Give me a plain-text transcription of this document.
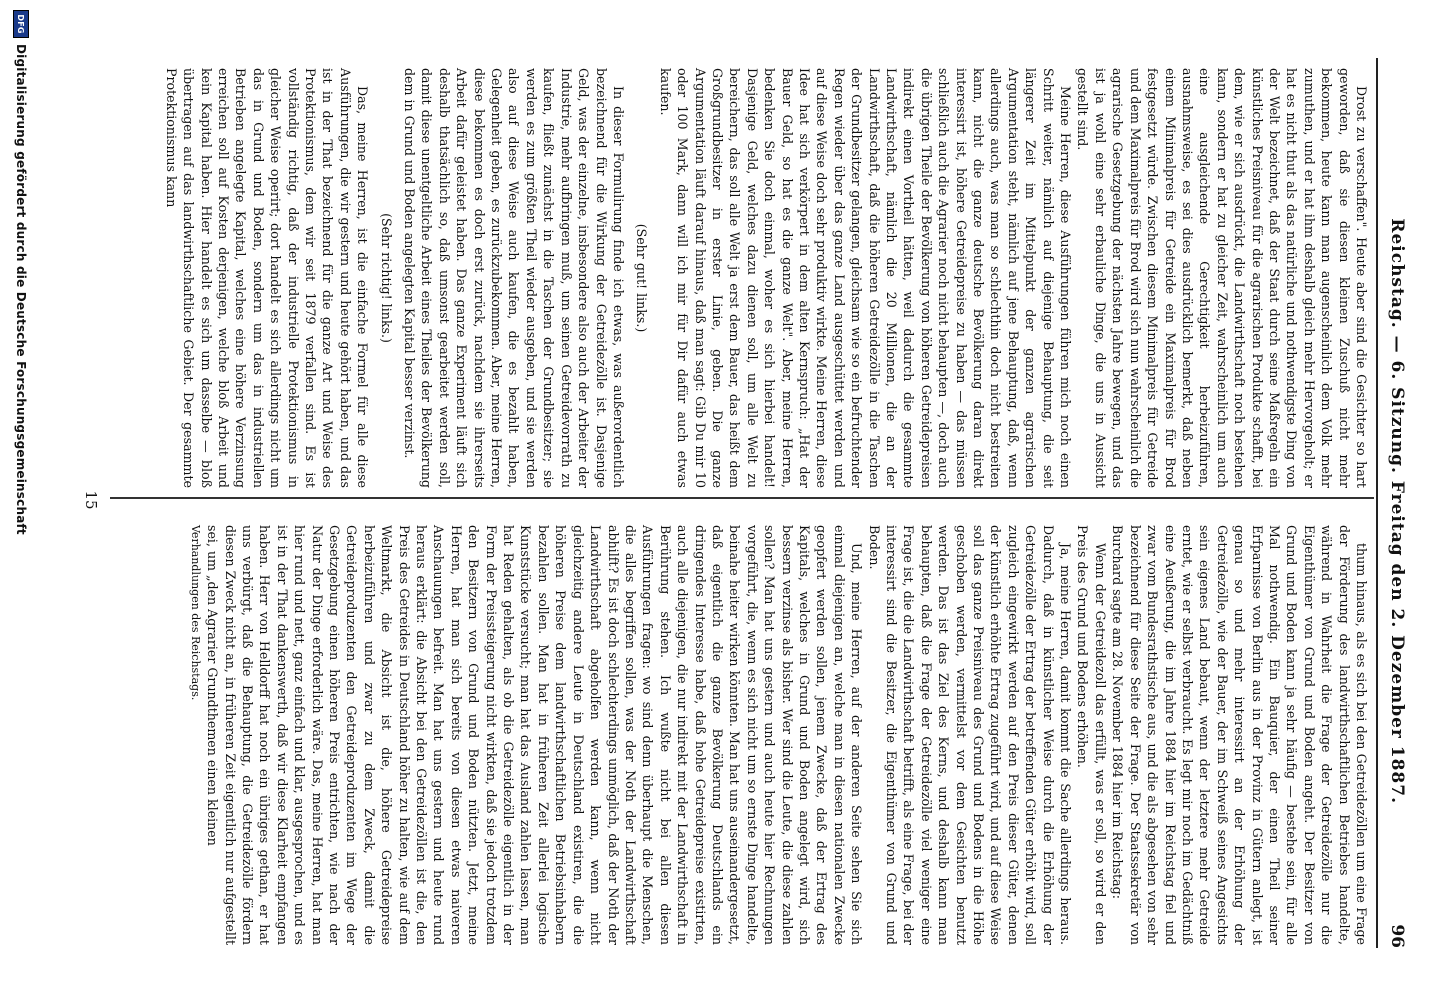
Reichstag. — 6. Sitzung. Freitag den 2. Dezember 1887.
96

Drost zu verschaffen". Heute aber sind die Gesichter so hart geworden, daß sie diesen kleinen Zuschuß nicht mehr bekommen, heute kann man augenscheinlich dem Volk mehr zumuthen, und er hat ihm deshalb gleich mehr Hervorgeholt; er hat es nicht thut als das natürliche und nothwendigste Ding von der Welt bezeichnet, daß der Staat durch seine Maßregeln ein künstliches Preisniveau für die agrarischen Produkte schafft, bei dem, wie er sich ausdrückt, die Landwirthschaft noch bestehen kann, sondern er hat zu gleicher Zeit, wahrscheinlich um auch eine ausgleichende Gerechtigkeit herbeizuführen, ausnahmsweise, es sei dies ausdrücklich bemerkt, daß neben einem Minimalpreis für Getreide ein Maximalpreis für Brod festgesetzt würde. Zwischen diesem Minimalpreis für Getreide und dem Maximalpreis für Brod wird sich nun wahrscheinlich die agrarische Gesetzgebung der nächsten Jahre bewegen, und das ist ja wohl eine sehr erbauliche Dinge, die uns in Aussicht gestellt sind.

Meine Herren, diese Ausführungen führen mich noch einen Schritt weiter, nämlich auf diejenige Behauptung, die seit längerer Zeit im Mittelpunkt der ganzen agrarischen Argumentation steht, nämlich auf jene Behauptung, daß, wenn allerdings auch, was man so schlechthin doch nicht bestreiten kann, nicht die ganze deutsche Bevölkerung daran direkt interessirt ist, höhere Getreidepreise zu haben — das müssen schließlich auch die Agrarier noch nicht behaupten —, doch auch die übrigen Theile der Bevölkerung von höheren Getreidepreisen indirekt einen Vortheil hätten, weil dadurch die gesammte Landwirthschaft, nämlich die 20 Millionen, die an der Landwirthschaft, daß die höheren Getreidezölle in die Taschen der Grundbesitzer gelangen, gleichsam wie so ein befruchtender Regen wieder über das ganze Land ausgeschüttet werden und auf diese Weise doch sehr produktiv wirkte. Meine Herren, diese Idee hat sich verkörpert in dem alten Kernspruch: „Hat der Bauer Geld, so hat es die ganze Welt". Aber, meine Herren, bedenken Sie doch einmal, woher es sich hierbei handelt! Dasjenige Geld, welches dazu dienen soll, um alle Welt zu bereichern, das soll alle Welt ja erst dem Bauer, das heißt dem Großgrundbesitzer in erster Linie, geben. Die ganze Argumentation läuft darauf hinaus, daß man sagt: Gib Du mir 10 oder 100 Mark, dann will ich mir für Dir dafür auch etwas kaufen.

(Sehr gut! links.)

In dieser Formulirung finde ich etwas, was außerordentlich bezeichnend für die Wirkung der Getreidezölle ist. Dasjenige Geld, was der einzelne, insbesondere also auch der Arbeiter der Industrie, mehr aufbringen muß, um seinen Getreidevorrath zu kaufen, fließt zunächst in die Taschen der Grundbesitzer; sie werden es zum größten Theil wieder ausgeben, und sie werden also auf diese Weise auch kaufen, die es bezahlt haben, Gelegenheit geben, es zurückzubekommen. Aber, meine Herren, diese bekommen es doch erst zurück, nachdem sie ihrerseits Arbeit dafür geleistet haben. Das ganze Experiment läuft sich deshalb thatsächlich so, daß umsonst gearbeitet werden soll, damit diese unentgeltliche Arbeit eines Theiles der Bevölkerung dem in Grund und Boden angelegten Kapital besser verzinst.

(Sehr richtig! links.)

Das, meine Herren, ist die einfache Formel für alle diese Ausführungen, die wir gestern und heute gehört haben, und das ist in der That bezeichnend für die ganze Art und Weise des Protektionismus, dem wir seit 1879 verfallen sind. Es ist vollständig richtig, daß der industrielle Protektionismus in gleicher Weise operirt; dort handelt es sich allerdings nicht um das in Grund und Boden, sondern um das in industriellen Betrieben angelegte Kapital, welches eine höhere Verzinsung erreichen soll auf Kosten derjenigen, welche bloß Arbeit und kein Kapital haben. Hier handelt es sich um dasselbe — bloß übertragen auf das landwirthschaftliche Gebiet. Der gesammte Protektionismus kann

thum hinaus, als es sich bei den Getreidezöllen um eine Frage der Förderung des landwirthschaftlichen Betriebes handelte, während in Wahrheit die Frage der Getreidezölle nur die Eigenthümer von Grund und Boden angeht. Der Besitzer von Grund und Boden kann ja sehr häufig — bestehe sein, für alle Mal nothwendig. Ein Bauquier, der einen Theil seiner Erfparnisse von Berlin aus in der Provinz in Gütern anlegt, ist genau so und mehr interessirt an der Erhöhung der Getreidezölle, wie der Bauer, der im Schweiß seines Angesichts sein eigenes Land bebaut, wenn der letztere mehr Getreide erntet, wie er selbst verbraucht. Es legt mir noch im Gedächtniß eine Aeußerung, die im Jahre 1884 hier im Reichstag fiel und zwar vom Bundesrathstische aus, und die als abgesehen von sehr bezeichnend für diese Seite der Frage. Der Staatssekretär von Burchard sagte am 28. November 1884 hier im Reichstag:

Wenn der Getreidezoll das erfüllt, was er soll, so wird er den Preis des Grund und Bodens erhöhen.

Ja, meine Herren, damit kommt die Sache allerdings heraus. Dadurch, daß in künstlicher Weise durch die Erhöhung der Getreidezölle der Ertrag der betreffenden Güter erhöht wird, soll zugleich eingewirkt werden auf den Preis dieser Güter, denen der künstlich erhöhte Ertrag zugeführt wird, und auf diese Weise soll das ganze Preisniveau des Grund und Bodens in die Höhe geschoben werden, vermittelst vor dem Gesichten benutzt werden. Das ist das Ziel des Kerns, und deshalb kann man behaupten, daß die Frage der Getreidezölle viel weniger eine Frage ist, die die Landwirthschaft betrifft, als eine Frage, bei der interessirt sind die Besitzer, die Eigenthümer von Grund und Boden.

Und, meine Herren, auf der anderen Seite sehen Sie sich einmal diejenigen an, welche man in diesen nationalen Zwecke geopfert werden sollen, jenem Zwecke, daß der Ertrag des Kapitals, welches in Grund und Boden angelegt wird, sich bessern verzinse als bisher. Wer sind die Leute, die diese zahlen sollen? Man hat uns gestern und auch heute hier Rechnungen vorgeführt, die, wenn es sich nicht um so ernste Dinge handelte, beinahe heiter wirken könnten. Man hat uns auseinandergesetzt, daß eigentlich die ganze Bevölkerung Deutschlands ein dringendes Interesse habe, daß hohe Getreidepreise existirten, auch alle diejenigen, die nur indirekt mit der Landwirthschaft in Berührung stehen. Ich wußte nicht bei allen diesen Ausführungen fragen: wo sind denn überhaupt die Menschen, die alles begriffen sollen, was der Noth der Landwirthschaft abhilft? Es ist doch schlechterdings unmöglich, daß der Noth der Landwirthschaft abgeholfen werden kann, wenn nicht gleichzeitig andere Leute in Deutschland existiren, die die höheren Preise dem landwirthschaftlichen Betriebsinhabern bezahlen sollen. Man hat in früheren Zeit allerlei logische Kunststücke versucht; man hat das Ausland zahlen lassen, man hat Reden gehalten, als ob die Getreidezölle eigentlich in der Form der Preissteigerung nicht wirkten, daß sie jedoch trotzdem den Besitzern von Grund und Boden nützten. Jetzt, meine Herren, hat man sich bereits von diesen etwas naiveren Anschauungen befreit. Man hat uns gestern und heute rund heraus erklärt: die Absicht bei den Getreidezöllen ist die, den Preis des Getreides in Deutschland höher zu halten, wie auf dem Weltmarkt, die Absicht ist die, höhere Getreidepreise herbeizuführen und zwar zu dem Zweck, damit die Getreideproduzenten den Getreideproduzenten im Wege der Gesetzgebung einen höheren Preis entrichten, wie nach der Natur der Dinge erforderlich wäre. Das, meine Herren, hat man hier rund und nett, ganz einfach und klar, ausgesprochen, und es ist in der That dankenswerth, daß wir diese Klarheit empfangen haben. Herr von Helldorff hat noch ein übriges gethan, er hat uns verbürgt, daß die Behauptung, die Getreidezölle fördern diesen Zweck nicht an, in früheren Zeit eigentlich nur aufgestellt sei, um „den Agrarier Grundthemen einen kleinen

Verhandlungen des Reichstags.

15
DFG
Digitalisierung gefördert durch die Deutsche Forschungsgemeinschaft
